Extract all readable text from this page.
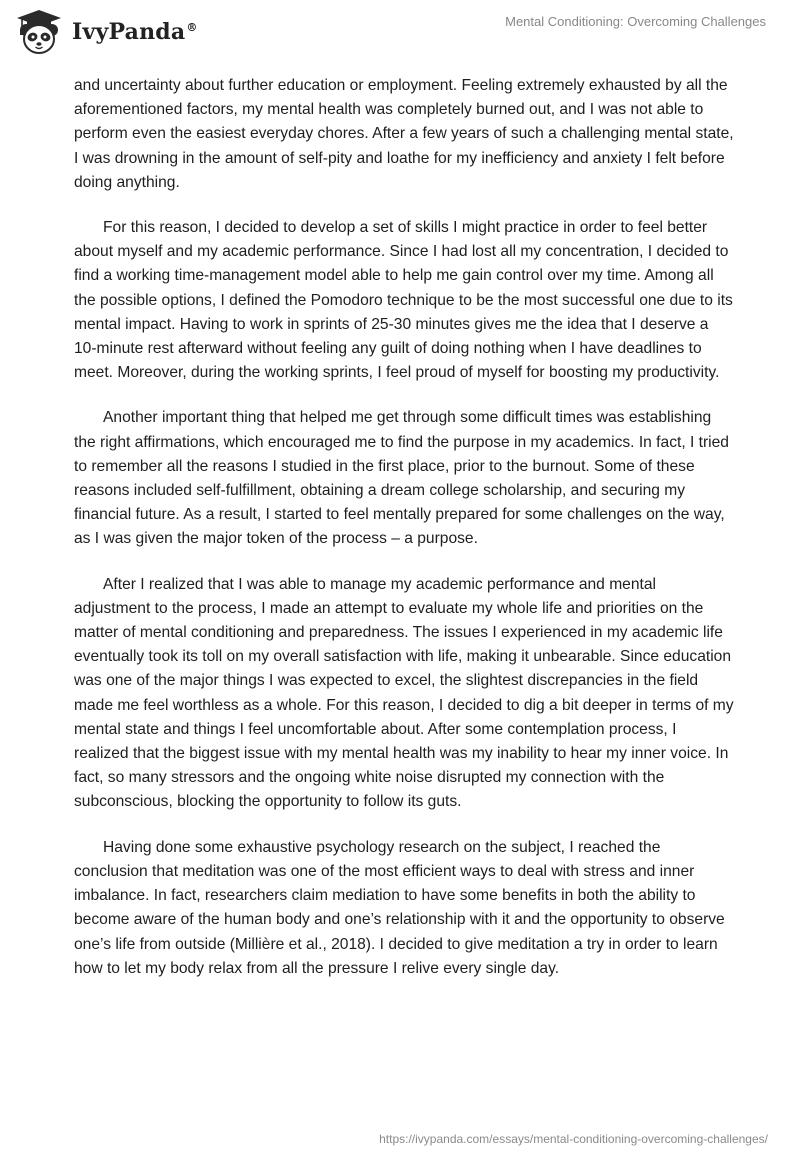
IvyPanda®	Mental Conditioning: Overcoming Challenges

and uncertainty about further education or employment. Feeling extremely exhausted by all the aforementioned factors, my mental health was completely burned out, and I was not able to perform even the easiest everyday chores. After a few years of such a challenging mental state, I was drowning in the amount of self-pity and loathe for my inefficiency and anxiety I felt before doing anything.

For this reason, I decided to develop a set of skills I might practice in order to feel better about myself and my academic performance. Since I had lost all my concentration, I decided to find a working time-management model able to help me gain control over my time. Among all the possible options, I defined the Pomodoro technique to be the most successful one due to its mental impact. Having to work in sprints of 25-30 minutes gives me the idea that I deserve a 10-minute rest afterward without feeling any guilt of doing nothing when I have deadlines to meet. Moreover, during the working sprints, I feel proud of myself for boosting my productivity.

Another important thing that helped me get through some difficult times was establishing the right affirmations, which encouraged me to find the purpose in my academics. In fact, I tried to remember all the reasons I studied in the first place, prior to the burnout. Some of these reasons included self-fulfillment, obtaining a dream college scholarship, and securing my financial future. As a result, I started to feel mentally prepared for some challenges on the way, as I was given the major token of the process – a purpose.

After I realized that I was able to manage my academic performance and mental adjustment to the process, I made an attempt to evaluate my whole life and priorities on the matter of mental conditioning and preparedness. The issues I experienced in my academic life eventually took its toll on my overall satisfaction with life, making it unbearable. Since education was one of the major things I was expected to excel, the slightest discrepancies in the field made me feel worthless as a whole. For this reason, I decided to dig a bit deeper in terms of my mental state and things I feel uncomfortable about. After some contemplation process, I realized that the biggest issue with my mental health was my inability to hear my inner voice. In fact, so many stressors and the ongoing white noise disrupted my connection with the subconscious, blocking the opportunity to follow its guts.

Having done some exhaustive psychology research on the subject, I reached the conclusion that meditation was one of the most efficient ways to deal with stress and inner imbalance. In fact, researchers claim mediation to have some benefits in both the ability to become aware of the human body and one’s relationship with it and the opportunity to observe one’s life from outside (Millière et al., 2018). I decided to give meditation a try in order to learn how to let my body relax from all the pressure I relive every single day.

https://ivypanda.com/essays/mental-conditioning-overcoming-challenges/
